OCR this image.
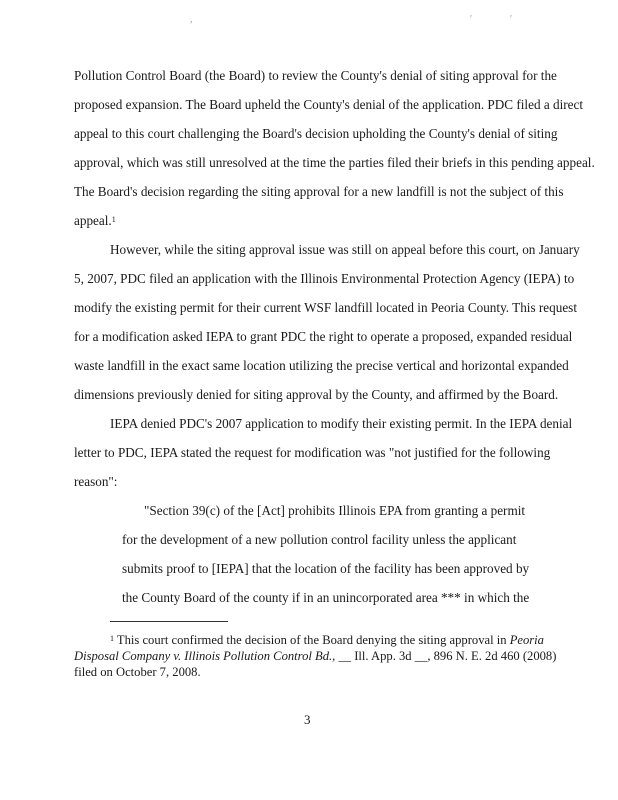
,	'	'
Pollution Control Board (the Board) to review the County's denial of siting approval for the
proposed expansion. The Board upheld the County's denial of the application. PDC filed a direct
appeal to this court challenging the Board's decision upholding the County's denial of siting
approval, which was still unresolved at the time the parties filed their briefs in this pending appeal.
The Board's decision regarding the siting approval for a new landfill is not the subject of this
appeal.$^1$
However, while the siting approval issue was still on appeal before this court, on January
5, 2007, PDC filed an application with the Illinois Environmental Protection Agency (IEPA) to
modify the existing permit for their current WSF landfill located in Peoria County. This request
for a modification asked IEPA to grant PDC the right to operate a proposed, expanded residual
waste landfill in the exact same location utilizing the precise vertical and horizontal expanded
dimensions previously denied for siting approval by the County, and affirmed by the Board.
IEPA denied PDC's 2007 application to modify their existing permit. In the IEPA denial
letter to PDC, IEPA stated the request for modification was "not justified for the following
reason":
"Section 39(c) of the [Act] prohibits Illinois EPA from granting a permit
for the development of a new pollution control facility unless the applicant
submits proof to [IEPA] that the location of the facility has been approved by
the County Board of the county if in an unincorporated area *** in which the
$^1$ This court confirmed the decision of the Board denying the siting approval in Peoria
Disposal Company v. Illinois Pollution Control Bd., __ Ill. App. 3d __, 896 N. E. 2d 460 (2008)
filed on October 7, 2008.
3
